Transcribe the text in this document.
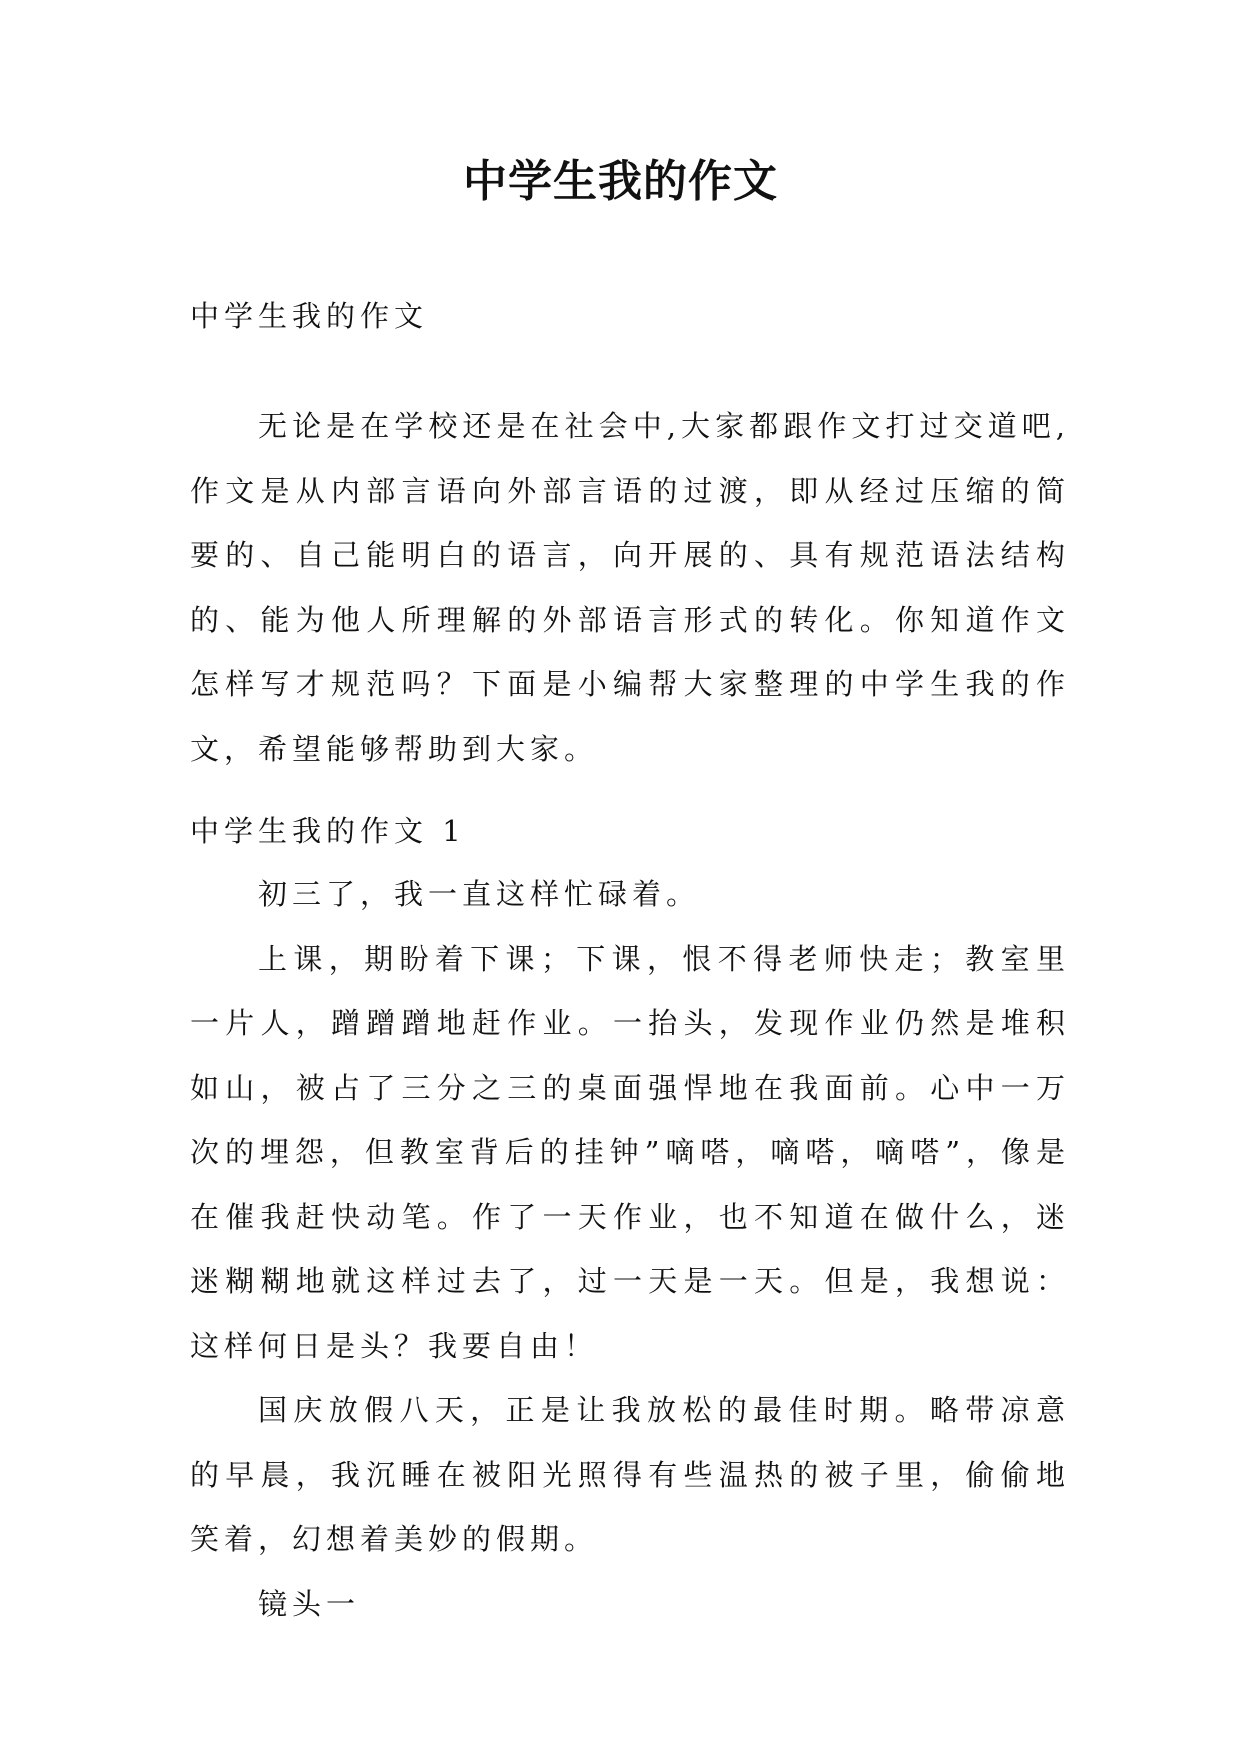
中学生我的作文

中学生我的作文

无论是在学校还是在社会中,大家都跟作文打过交道吧,作文是从内部言语向外部言语的过渡，即从经过压缩的简要的、自己能明白的语言，向开展的、具有规范语法结构的、能为他人所理解的外部语言形式的转化。你知道作文怎样写才规范吗？下面是小编帮大家整理的中学生我的作文，希望能够帮助到大家。

中学生我的作文 1

初三了，我一直这样忙碌着。

上课，期盼着下课；下课，恨不得老师快走；教室里一片人，蹭蹭蹭地赶作业。一抬头，发现作业仍然是堆积如山，被占了三分之三的桌面强悍地在我面前。心中一万次的埋怨，但教室背后的挂钟”嘀嗒，嘀嗒，嘀嗒”，像是在催我赶快动笔。作了一天作业，也不知道在做什么，迷迷糊糊地就这样过去了，过一天是一天。但是，我想说：这样何日是头？我要自由！

国庆放假八天，正是让我放松的最佳时期。略带凉意的早晨，我沉睡在被阳光照得有些温热的被子里，偷偷地笑着，幻想着美妙的假期。

镜头一
